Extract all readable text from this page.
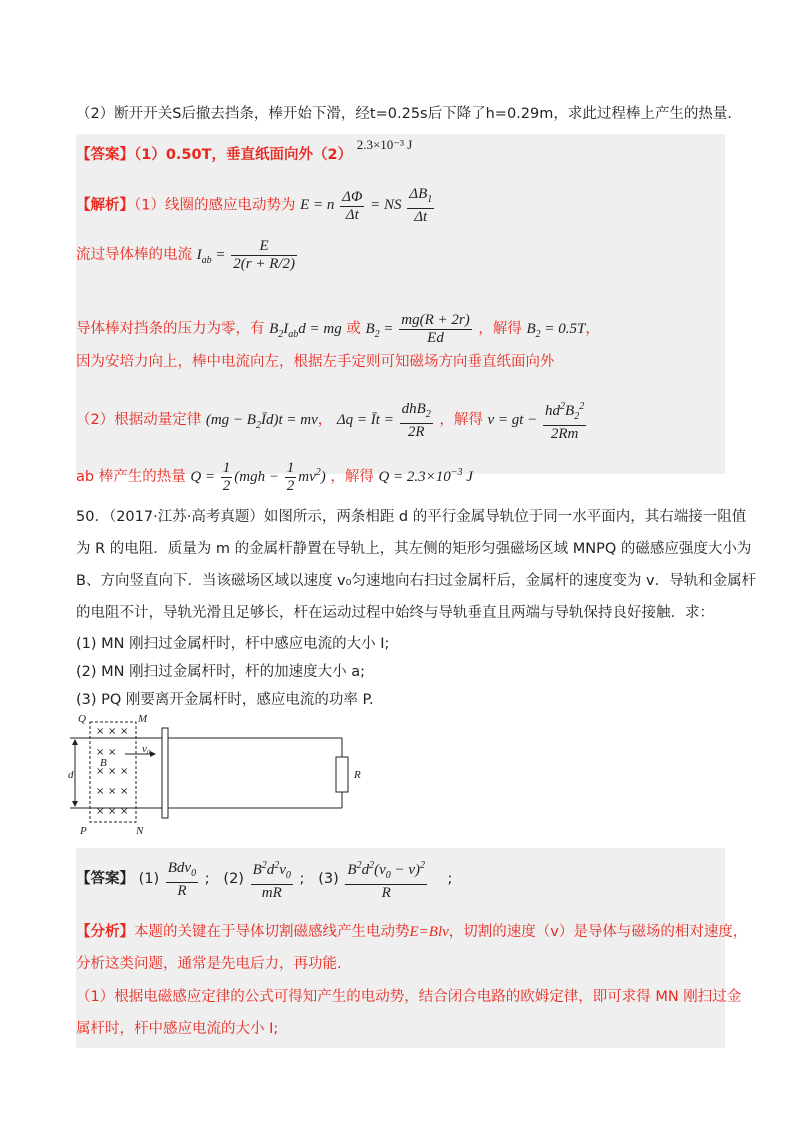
（2）断开开关S后撤去挡条，棒开始下滑，经t=0.25s后下降了h=0.29m，求此过程棒上产生的热量.
【答案】（1）0.50T，垂直纸面向外（2） 2.3×10⁻³ J
【解析】（1）线圈的感应电动势为 E = n $\frac{\Delta\Phi}{\Delta t}$ = NS $\frac{\Delta B_1}{\Delta t}$
流过导体棒的电流 $I_{ab} = \frac{E}{2(r + R/2)}$
导体棒对挡条的压力为零，有 $B_2I_{ab}d$ = mg 或 $B_2 = \frac{mg(R + 2r)}{Ed}$ ，解得 $B_2 = 0.5T$，
因为安培力向上，棒中电流向左，根据左手定则可知磁场方向垂直纸面向外
（2）根据动量定律 $(mg - B_2Īd)t$ = mv， Δq = Īt = $\frac{dhB_2}{2R}$ ，解得 v = gt − $\frac{hd^2B_2^2}{2Rm}$
ab 棒产生的热量 $Q = \frac{1}{2} (mgh - \frac{1}{2} mv^2)$ ，解得 $Q = 2.3\times 10^{-3}$ J
50．（2017·江苏·高考真题）如图所示，两条相距 d 的平行金属导轨位于同一水平面内，其右端接一阻值
为 R 的电阻．质量为 m 的金属杆静置在导轨上，其左侧的矩形匀强磁场区域 MNPQ 的磁感应强度大小为
B、方向竖直向下．当该磁场区域以速度 v₀匀速地向右扫过金属杆后，金属杆的速度变为 v．导轨和金属杆
的电阻不计，导轨光滑且足够长，杆在运动过程中始终与导轨垂直且两端与导轨保持良好接触．求：
(1) MN 刚扫过金属杆时，杆中感应电流的大小 I;
(2) MN 刚扫过金属杆时，杆的加速度大小 a;
(3) PQ 刚要离开金属杆时，感应电流的功率 P.
× × ×
× ×
× × ×
× × ×
× × ×
Q	M
P	N
B
v₀
d	R
【答案】 $(1) \frac{Bdv_0}{R}$ ; $(2) \frac{B^2d^2v_0}{mR}$ ; $(3) \frac{B^2d^2(v_0 - v)^2}{R}$ ;
【分析】本题的关键在于导体切割磁感线产生电动势E=Blv，切割的速度（v）是导体与磁场的相对速度，
分析这类问题，通常是先电后力，再功能.
（1）根据电磁感应定律的公式可得知产生的电动势，结合闭合电路的欧姆定律，即可求得 MN 刚扫过金
属杆时，杆中感应电流的大小 I;
